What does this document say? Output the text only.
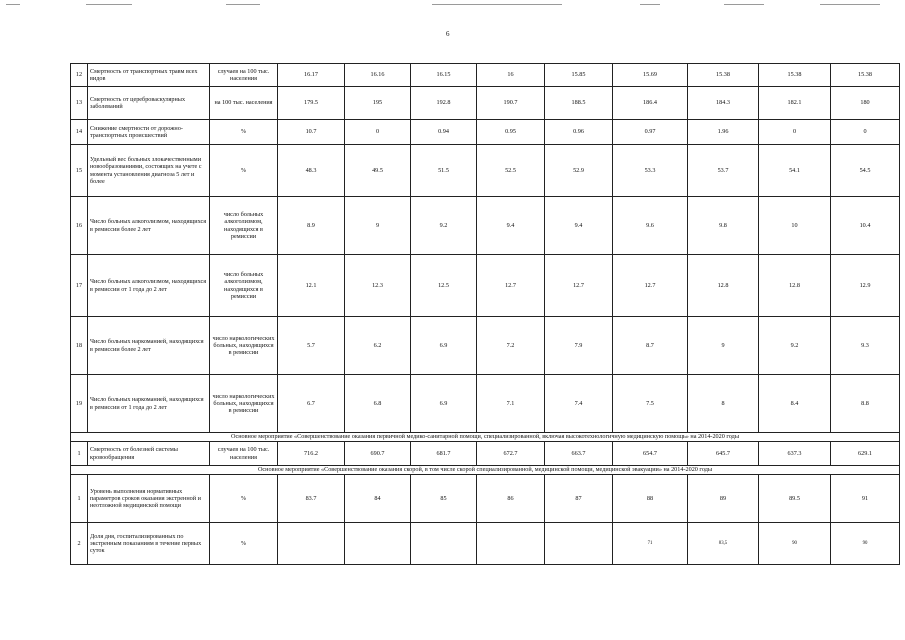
6
12	Смертность от транспортных травм всех видов	случаев на 100 тыс. населения	16.17	16.16	16.15	16	15.85	15.69	15.38	15.38	15.38
13	Смертность от цереброваскулярных заболеваний	на 100 тыс. населения	179.5	195	192.8	190.7	188.5	186.4	184.3	182.1	180
14	Снижение смертности от дорожно-транспортных происшествий	%	10.7	0	0.94	0.95	0.96	0.97	1.96	0	0
15	Удельный вес больных злокачественными новообразованиями, состоящих на учете с момента установления диагноза 5 лет и более	%	48.3	49.5	51.5	52.5	52.9	53.3	53.7	54.1	54.5
16	Число больных алкоголизмом, находящихся в ремиссии более 2 лет	число больных алкоголизмом, находящихся в ремиссии	8.9	9	9.2	9.4	9.4	9.6	9.8	10	10.4
17	Число больных алкоголизмом, находящихся в ремиссии от 1 года до 2 лет	число больных алкоголизмом, находящихся в ремиссии	12.1	12.3	12.5	12.7	12.7	12.7	12.8	12.8	12.9
18	Число больных наркоманией, находящихся в ремиссии более 2 лет	число наркологических больных, находящихся в ремиссии	5.7	6.2	6.9	7.2	7.9	8.7	9	9.2	9.3
19	Число больных наркоманией, находящихся в ремиссии от 1 года до 2 лет	число наркологических больных, находящихся в ремиссии	6.7	6.8	6.9	7.1	7.4	7.5	8	8.4	8.8
Основное мероприятие «Совершенствование оказания первичной медико-санитарной помощи, специализированной, включая высокотехнологичную медицинскую помощь» на 2014-2020 годы											
1	Смертность от болезней системы кровообращения	случаев на 100 тыс. населения	716.2	690.7	681.7	672.7	663.7	654.7	645.7	637.3	629.1
Основное мероприятие «Совершенствование оказания скорой, в том числе скорой специализированной, медицинской помощи, медицинской эвакуации» на 2014-2020 годы											
1	Уровень выполнения нормативных параметров сроков оказания экстренной и неотложной медицинской помощи	%	83.7	84	85	86	87	88	89	89.5	91
2	Доля дня, госпитализированных по экстренным показаниям в течение первых суток	%						71	83,5	90	90
